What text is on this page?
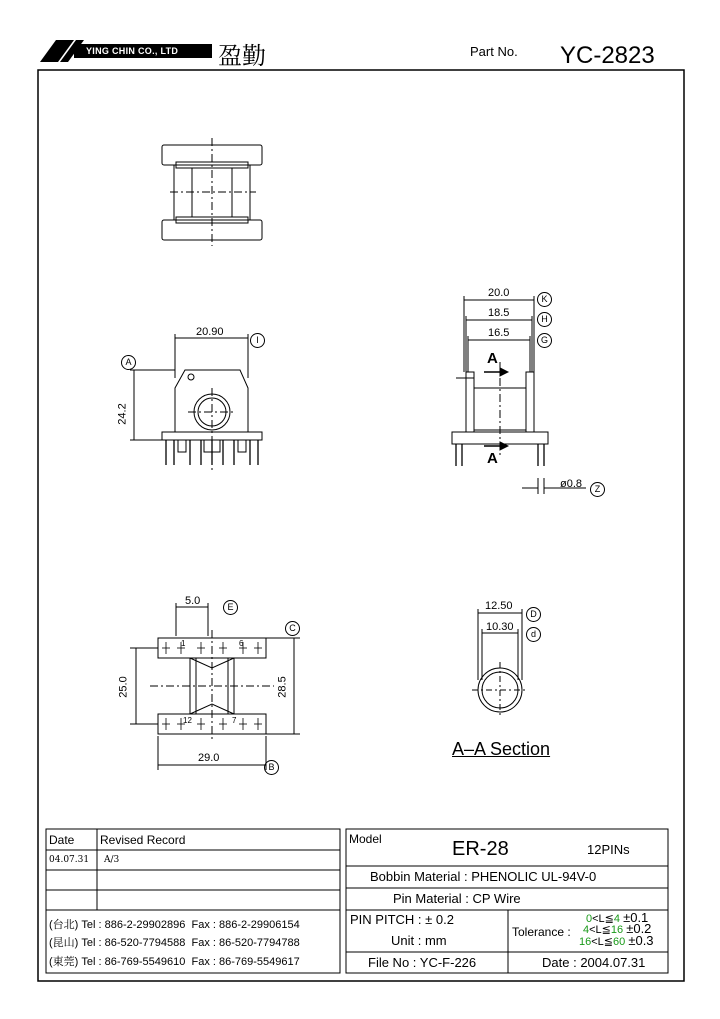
YING CHIN CO., LTD 盈勤	Part No. YC-2823
20.90
I
A
24.2
20.0	K
18.5	H
16.5
G
A
A
ø0.8	Z
5.0	E
C
25.0	28.5
29.0
B
1	6
7
12
12.50
D
10.30
d
A–A Section
Date Revised Record
04.07.31 A/3
(台北) Tel : 886-2-29902896 Fax : 886-2-29906154
(昆山) Tel : 86-520-7794588 Fax : 86-520-7794788
(東莞) Tel : 86-769-5549610 Fax : 86-769-5549617
Model	ER-28	12PINs
Bobbin Material : PHENOLIC UL-94V-0
Pin Material : CP Wire
PIN PITCH : ± 0.2
Unit : mm
Tolerance :
0<L≦4 ±0.1
4<L≦16 ±0.2
16<L≦60 ±0.3
File No : YC-F-226	Date : 2004.07.31
